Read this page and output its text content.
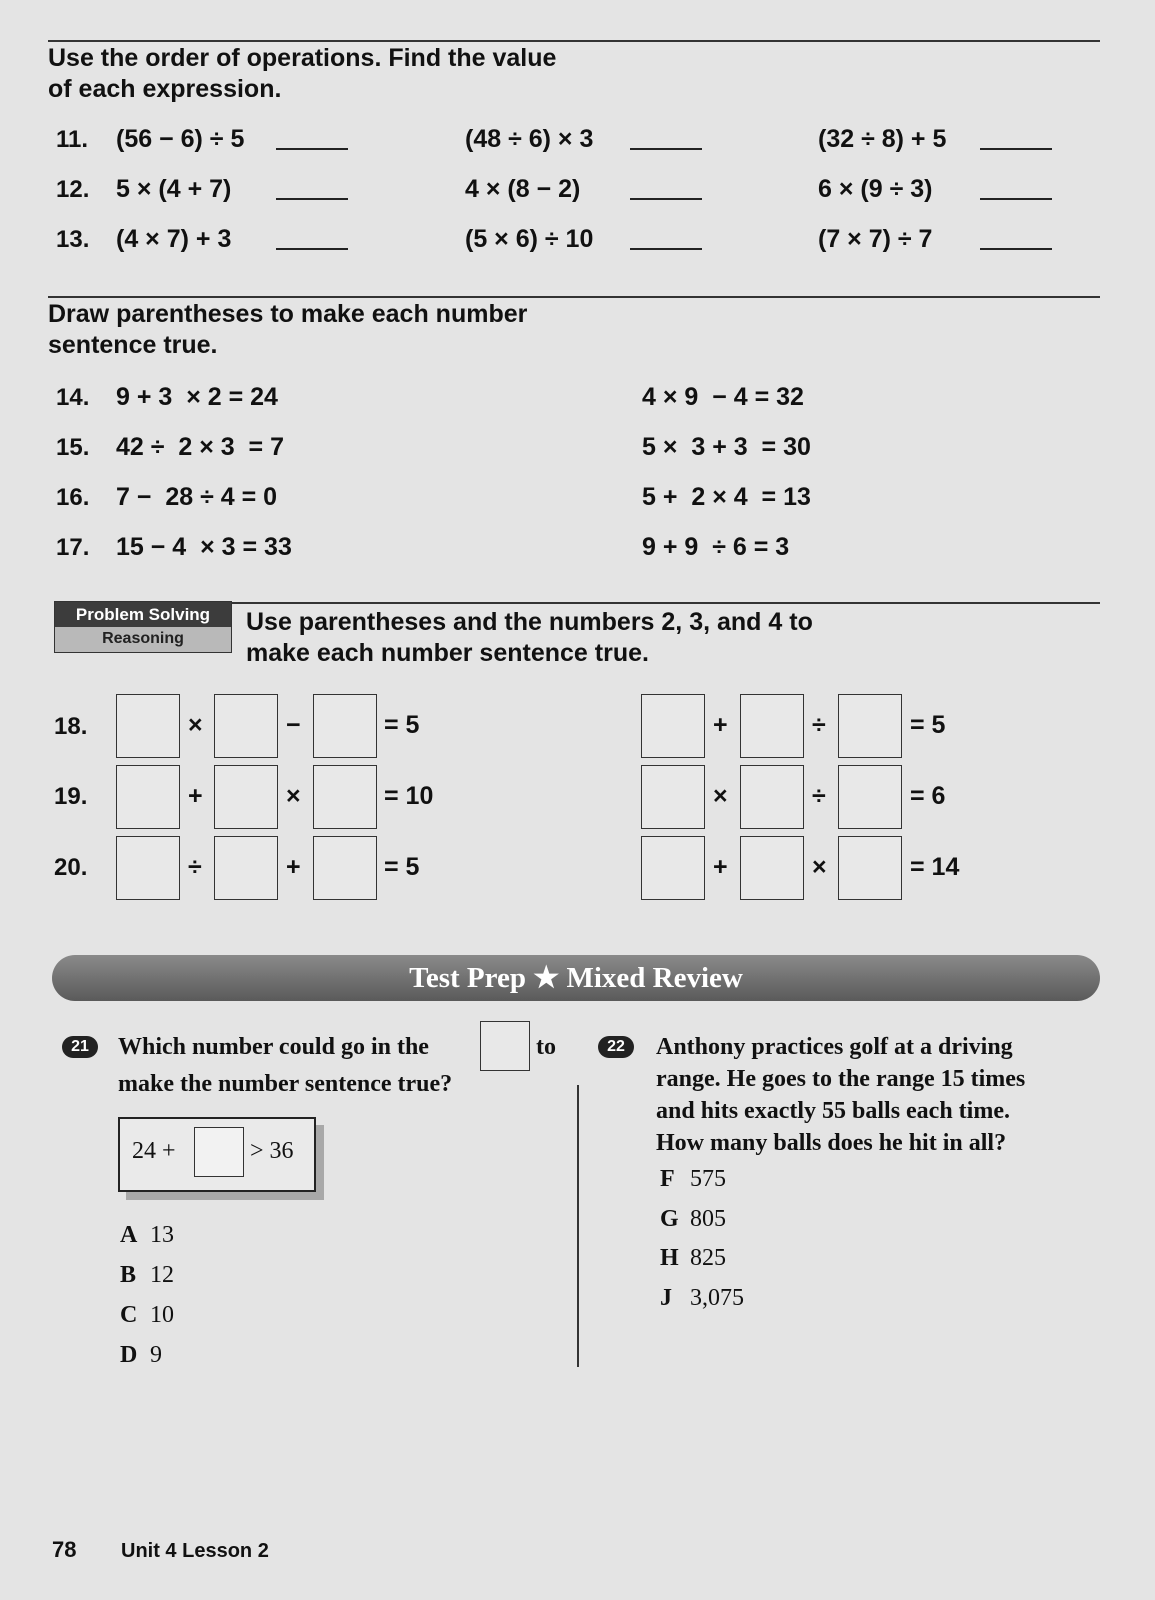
Use the order of operations. Find the value
of each expression.
11. (56 − 6) ÷ 5	(48 ÷ 6) × 3	(32 ÷ 8) + 5
12. 5 × (4 + 7)	4 × (8 − 2)	6 × (9 ÷ 3)
13. (4 × 7) + 3	(5 × 6) ÷ 10	(7 × 7) ÷ 7
Draw parentheses to make each number
sentence true.
14. 9 + 3  × 2 = 24	4 × 9  − 4 = 32
15. 42 ÷  2 × 3  = 7	5 ×  3 + 3  = 30
16. 7 −  28 ÷ 4 = 0	5 +  2 × 4  = 13
17. 15 − 4  × 3 = 33	9 + 9  ÷ 6 = 3
Problem Solving
Reasoning
Use parentheses and the numbers 2, 3, and 4 to
make each number sentence true.
18.	×	−	= 5	+	÷	= 5
19.	+	×	= 10	×	÷	= 6
20.	÷	+	= 5	+	×	= 14
Test Prep ★ Mixed Review
21	Which number could go in the	to
make the number sentence true?
24 +	> 36
A 13
B 12
C 10
D 9
22	Anthony practices golf at a driving
range. He goes to the range 15 times
and hits exactly 55 balls each time.
How many balls does he hit in all?
F 575
G 805
H 825
J 3,075
78 Unit 4 Lesson 2
